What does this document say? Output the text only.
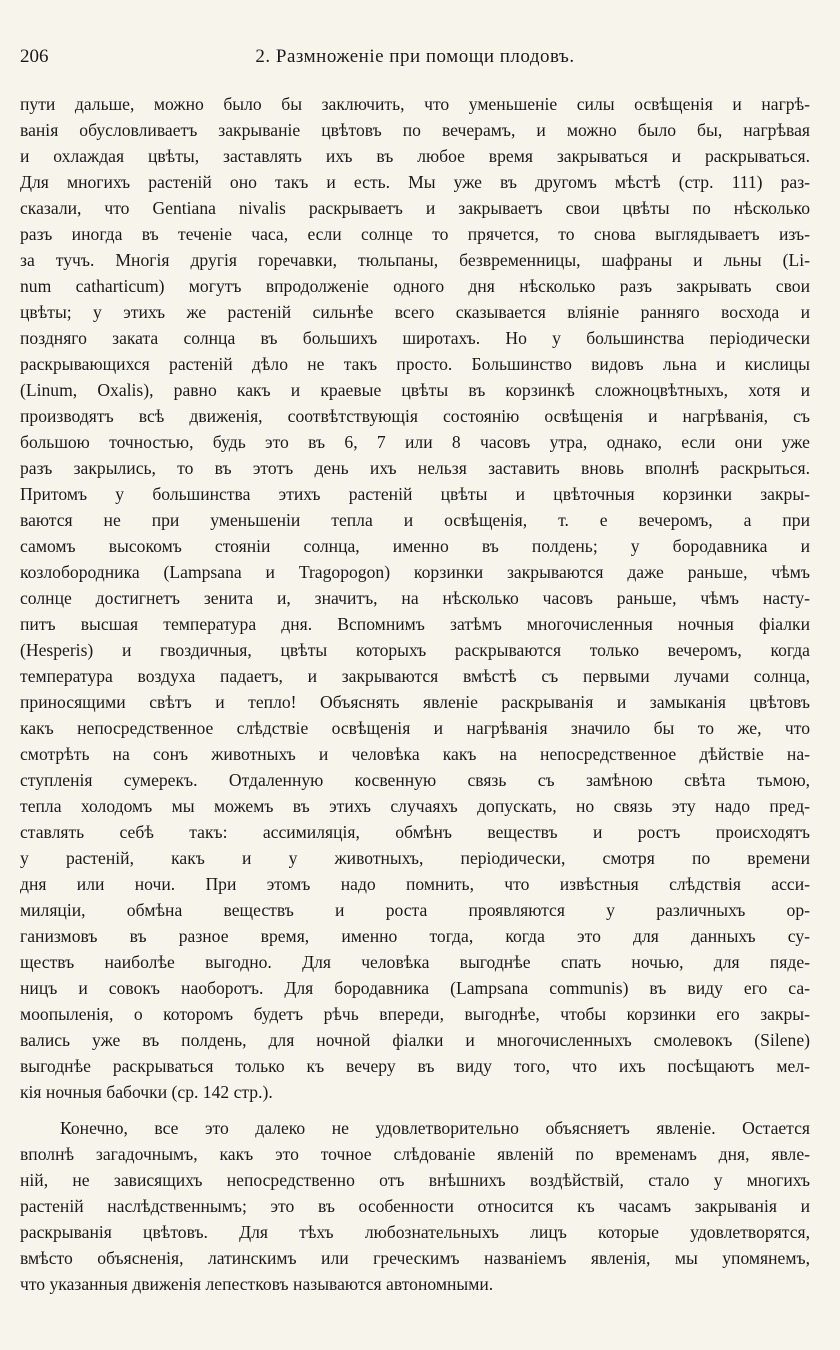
206	2. Размноженіе при помощи плодовъ.
пути дальше, можно было бы заключить, что уменьшеніе силы освѣщенія и нагрѣ-
ванія обусловливаетъ закрываніе цвѣтовъ по вечерамъ, и можно было бы, нагрѣвая
и охлаждая цвѣты, заставлять ихъ въ любое время закрываться и раскрываться.
Для многихъ растеній оно такъ и есть. Мы уже въ другомъ мѣстѣ (стр. 111) раз-
сказали, что Gentiana nivalis раскрываетъ и закрываетъ свои цвѣты по нѣсколько
разъ иногда въ теченіе часа, если солнце то прячется, то снова выглядываетъ изъ-
за тучъ. Многія другія горечавки, тюльпаны, безвременницы, шафраны и льны (Li-
num catharticum) могутъ впродолженіе одного дня нѣсколько разъ закрывать свои
цвѣты; у этихъ же растеній сильнѣе всего сказывается вліяніе ранняго восхода и
поздняго заката солнца въ большихъ широтахъ. Но у большинства періодически
раскрывающихся растеній дѣло не такъ просто. Большинство видовъ льна и кислицы
(Linum, Oxalis), равно какъ и краевые цвѣты въ корзинкѣ сложноцвѣтныхъ, хотя и
производятъ всѣ движенія, соотвѣтствующія состоянію освѣщенія и нагрѣванія, съ
большою точностью, будь это въ 6, 7 или 8 часовъ утра, однако, если они уже
разъ закрылись, то въ этотъ день ихъ нельзя заставить вновь вполнѣ раскрыться.
Притомъ у большинства этихъ растеній цвѣты и цвѣточныя корзинки закры-
ваются не при уменьшеніи тепла и освѣщенія, т. е вечеромъ, а при
самомъ высокомъ стояніи солнца, именно въ полдень; у бородавника и
козлобородника (Lampsana и Tragopogon) корзинки закрываются даже раньше, чѣмъ
солнце достигнетъ зенита и, значитъ, на нѣсколько часовъ раньше, чѣмъ насту-
питъ высшая температура дня. Вспомнимъ затѣмъ многочисленныя ночныя фіалки
(Hesperis) и гвоздичныя, цвѣты которыхъ раскрываются только вечеромъ, когда
температура воздуха падаетъ, и закрываются вмѣстѣ съ первыми лучами солнца,
приносящими свѣтъ и тепло! Объяснять явленіе раскрыванія и замыканія цвѣтовъ
какъ непосредственное слѣдствіе освѣщенія и нагрѣванія значило бы то же, что
смотрѣть на сонъ животныхъ и человѣка какъ на непосредственное дѣйствіе на-
ступленія сумерекъ. Отдаленную косвенную связь съ замѣною свѣта тьмою,
тепла холодомъ мы можемъ въ этихъ случаяхъ допускать, но связь эту надо пред-
ставлять себѣ такъ: ассимиляція, обмѣнъ веществъ и ростъ происходятъ
у растеній, какъ и у животныхъ, періодически, смотря по времени
дня или ночи. При этомъ надо помнить, что извѣстныя слѣдствія асси-
миляціи, обмѣна веществъ и роста проявляются у различныхъ ор-
ганизмовъ въ разное время, именно тогда, когда это для данныхъ су-
ществъ наиболѣе выгодно. Для человѣка выгоднѣе спать ночью, для пяде-
ницъ и совокъ наоборотъ. Для бородавника (Lampsana communis) въ виду его са-
моопыленія, о которомъ будетъ рѣчь впереди, выгоднѣе, чтобы корзинки его закры-
вались уже въ полдень, для ночной фіалки и многочисленныхъ смолевокъ (Silene)
выгоднѣе раскрываться только къ вечеру въ виду того, что ихъ посѣщаютъ мел-
кія ночныя бабочки (ср. 142 стр.).
Конечно, все это далеко не удовлетворительно объясняетъ явленіе. Остается
вполнѣ загадочнымъ, какъ это точное слѣдованіе явленій по временамъ дня, явле-
ній, не зависящихъ непосредственно отъ внѣшнихъ воздѣйствій, стало у многихъ
растеній наслѣдственнымъ; это въ особенности относится къ часамъ закрыванія и
раскрыванія цвѣтовъ. Для тѣхъ любознательныхъ лицъ которые удовлетворятся,
вмѣсто объясненія, латинскимъ или греческимъ названіемъ явленія, мы упомянемъ,
что указанныя движенія лепестковъ называются автономными.
